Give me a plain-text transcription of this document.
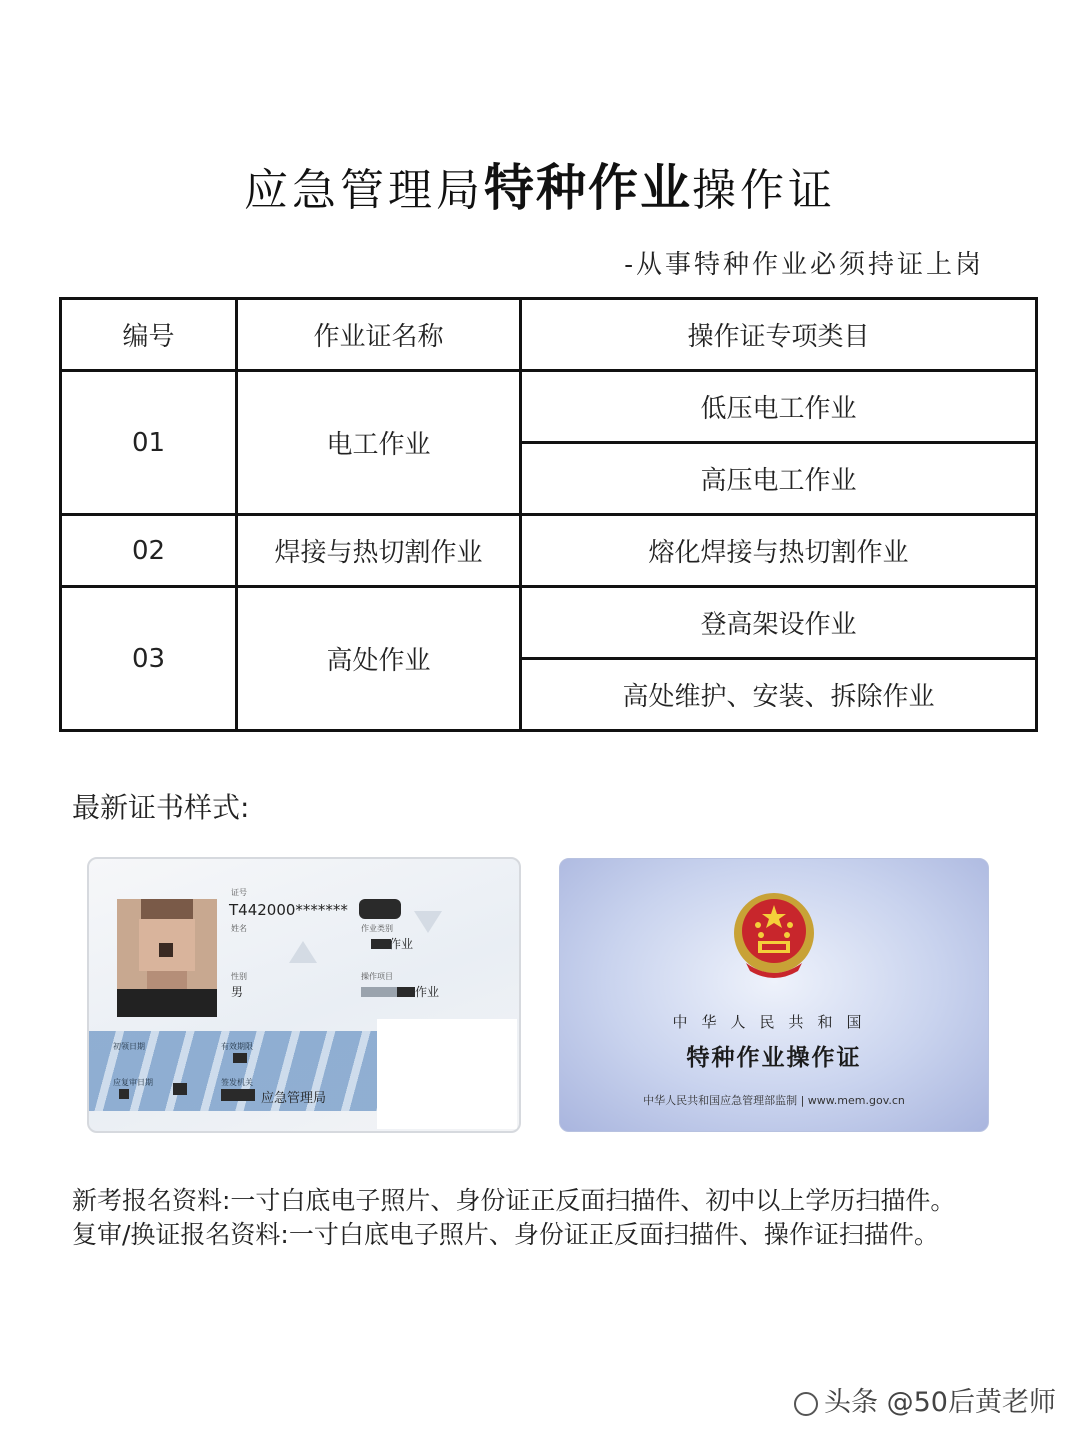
应急管理局特种作业操作证
-从事特种作业必须持证上岗
编号	作业证名称	操作证专项类目
01	电工作业	低压电工作业
		高压电工作业
02	焊接与热切割作业	熔化焊接与热切割作业
03	高处作业	登高架设作业
		高处维护、安装、拆除作业
最新证书样式:
证号
T442000*******
姓名	作业类别
作业
性别
男
操作项目
作业
初领日期	有效期限
应复审日期	签发机关
应急管理局
中华人民共和国
特种作业操作证
中华人民共和国应急管理部监制 | www.mem.gov.cn
新考报名资料:一寸白底电子照片、身份证正反面扫描件、初中以上学历扫描件。
复审/换证报名资料:一寸白底电子照片、身份证正反面扫描件、操作证扫描件。
头条 @50后黄老师
